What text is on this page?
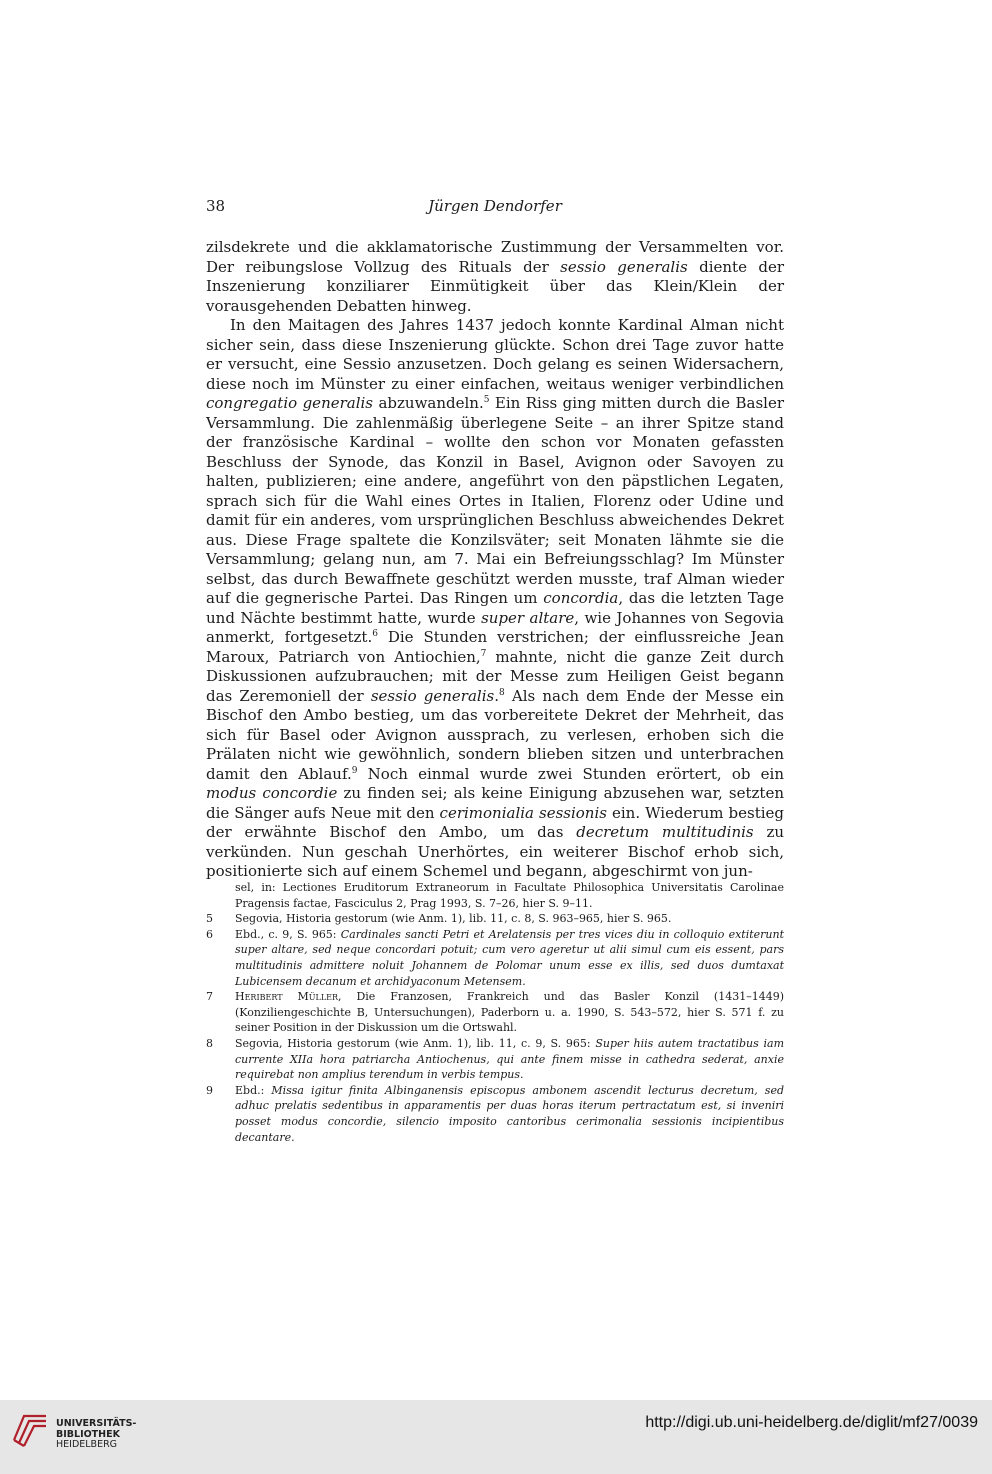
38	Jürgen Dendorfer

zilsdekrete und die akklamatorische Zustimmung der Versammelten vor. Der reibungslose Vollzug des Rituals der sessio generalis diente der Inszenierung konziliarer Einmütigkeit über das Klein/Klein der vorausgehenden Debatten hinweg.

In den Maitagen des Jahres 1437 jedoch konnte Kardinal Alman nicht sicher sein, dass diese Inszenierung glückte. Schon drei Tage zuvor hatte er versucht, eine Sessio anzusetzen. Doch gelang es seinen Widersachern, diese noch im Münster zu einer einfachen, weitaus weniger verbindlichen congregatio generalis abzuwandeln.$^5$ Ein Riss ging mitten durch die Basler Versammlung. Die zahlenmäßig überlegene Seite – an ihrer Spitze stand der französische Kardinal – wollte den schon vor Monaten gefassten Beschluss der Synode, das Konzil in Basel, Avignon oder Savoyen zu halten, publizieren; eine andere, angeführt von den päpstlichen Legaten, sprach sich für die Wahl eines Ortes in Italien, Florenz oder Udine und damit für ein anderes, vom ursprünglichen Beschluss abweichendes Dekret aus. Diese Frage spaltete die Konzilsväter; seit Monaten lähmte sie die Versammlung; gelang nun, am 7. Mai ein Befreiungsschlag? Im Münster selbst, das durch Bewaffnete geschützt werden musste, traf Alman wieder auf die gegnerische Partei. Das Ringen um concordia, das die letzten Tage und Nächte bestimmt hatte, wurde super altare, wie Johannes von Segovia anmerkt, fortgesetzt.$^6$ Die Stunden verstrichen; der einflussreiche Jean Maroux, Patriarch von Antiochien,$^7$ mahnte, nicht die ganze Zeit durch Diskussionen aufzubrauchen; mit der Messe zum Heiligen Geist begann das Zeremoniell der sessio generalis.$^8$ Als nach dem Ende der Messe ein Bischof den Ambo bestieg, um das vorbereitete Dekret der Mehrheit, das sich für Basel oder Avignon aussprach, zu verlesen, erhoben sich die Prälaten nicht wie gewöhnlich, sondern blieben sitzen und unterbrachen damit den Ablauf.$^9$ Noch einmal wurde zwei Stunden erörtert, ob ein modus concordie zu finden sei; als keine Einigung abzusehen war, setzten die Sänger aufs Neue mit den cerimonialia sessionis ein. Wiederum bestieg der erwähnte Bischof den Ambo, um das decretum multitudinis zu verkünden. Nun geschah Unerhörtes, ein weiterer Bischof erhob sich, positionierte sich auf einem Schemel und begann, abgeschirmt von jun-

sel, in: Lectiones Eruditorum Extraneorum in Facultate Philosophica Universitatis Carolinae Pragensis factae, Fasciculus 2, Prag 1993, S. 7–26, hier S. 9–11.
5	Segovia, Historia gestorum (wie Anm. 1), lib. 11, c. 8, S. 963–965, hier S. 965.
6	Ebd., c. 9, S. 965: Cardinales sancti Petri et Arelatensis per tres vices diu in colloquio extiterunt super altare, sed neque concordari potuit; cum vero ageretur ut alii simul cum eis essent, pars multitudinis admittere noluit Johannem de Polomar unum esse ex illis, sed duos dumtaxat Lubicensem decanum et archidyaconum Metensem.
7	Heribert Müller, Die Franzosen, Frankreich und das Basler Konzil (1431–1449) (Konziliengeschichte B, Untersuchungen), Paderborn u. a. 1990, S. 543–572, hier S. 571 f. zu seiner Position in der Diskussion um die Ortswahl.
8	Segovia, Historia gestorum (wie Anm. 1), lib. 11, c. 9, S. 965: Super hiis autem tractatibus iam currente XIIa hora patriarcha Antiochenus, qui ante finem misse in cathedra sederat, anxie requirebat non amplius terendum in verbis tempus.
9	Ebd.: Missa igitur finita Albinganensis episcopus ambonem ascendit lecturus decretum, sed adhuc prelatis sedentibus in apparamentis per duas horas iterum pertractatum est, si inveniri posset modus concordie, silencio imposito cantoribus cerimonalia sessionis incipientibus decantare.
UNIVERSITÄTS-
BIBLIOTHEK
HEIDELBERG
http://digi.ub.uni-heidelberg.de/diglit/mf27/0039
